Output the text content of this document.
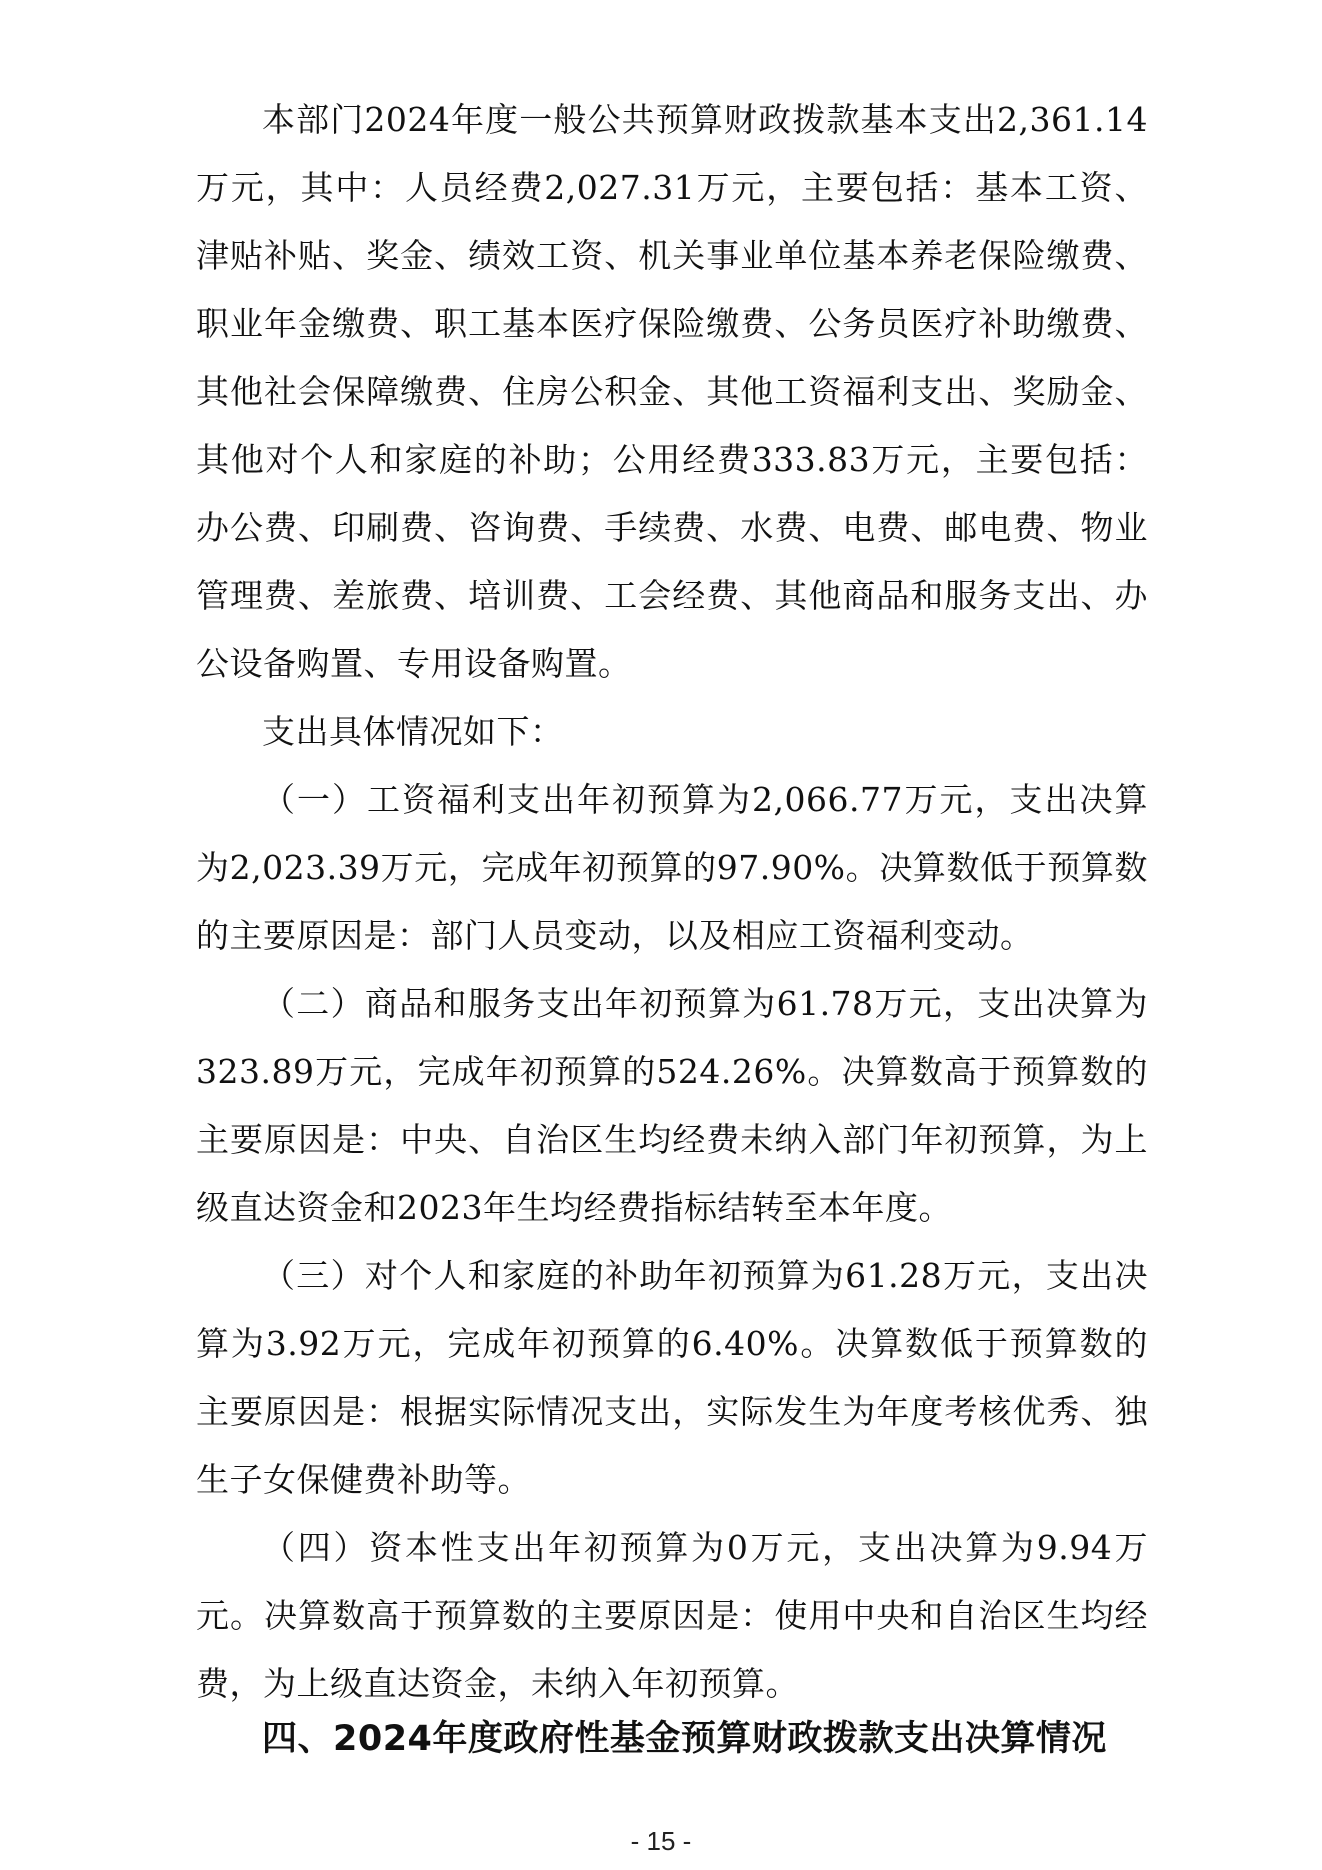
本部门2024年度一般公共预算财政拨款基本支出2,361.14万元，其中：人员经费2,027.31万元，主要包括：基本工资、津贴补贴、奖金、绩效工资、机关事业单位基本养老保险缴费、职业年金缴费、职工基本医疗保险缴费、公务员医疗补助缴费、其他社会保障缴费、住房公积金、其他工资福利支出、奖励金、其他对个人和家庭的补助；公用经费333.83万元，主要包括：办公费、印刷费、咨询费、手续费、水费、电费、邮电费、物业管理费、差旅费、培训费、工会经费、其他商品和服务支出、办公设备购置、专用设备购置。

支出具体情况如下：

（一）工资福利支出年初预算为2,066.77万元，支出决算为2,023.39万元，完成年初预算的97.90%。决算数低于预算数的主要原因是：部门人员变动，以及相应工资福利变动。

（二）商品和服务支出年初预算为61.78万元，支出决算为323.89万元，完成年初预算的524.26%。决算数高于预算数的主要原因是：中央、自治区生均经费未纳入部门年初预算，为上级直达资金和2023年生均经费指标结转至本年度。

（三）对个人和家庭的补助年初预算为61.28万元，支出决算为3.92万元，完成年初预算的6.40%。决算数低于预算数的主要原因是：根据实际情况支出，实际发生为年度考核优秀、独生子女保健费补助等。

（四）资本性支出年初预算为0万元，支出决算为9.94万元。决算数高于预算数的主要原因是：使用中央和自治区生均经费，为上级直达资金，未纳入年初预算。

四、2024年度政府性基金预算财政拨款支出决算情况
- 15 -
